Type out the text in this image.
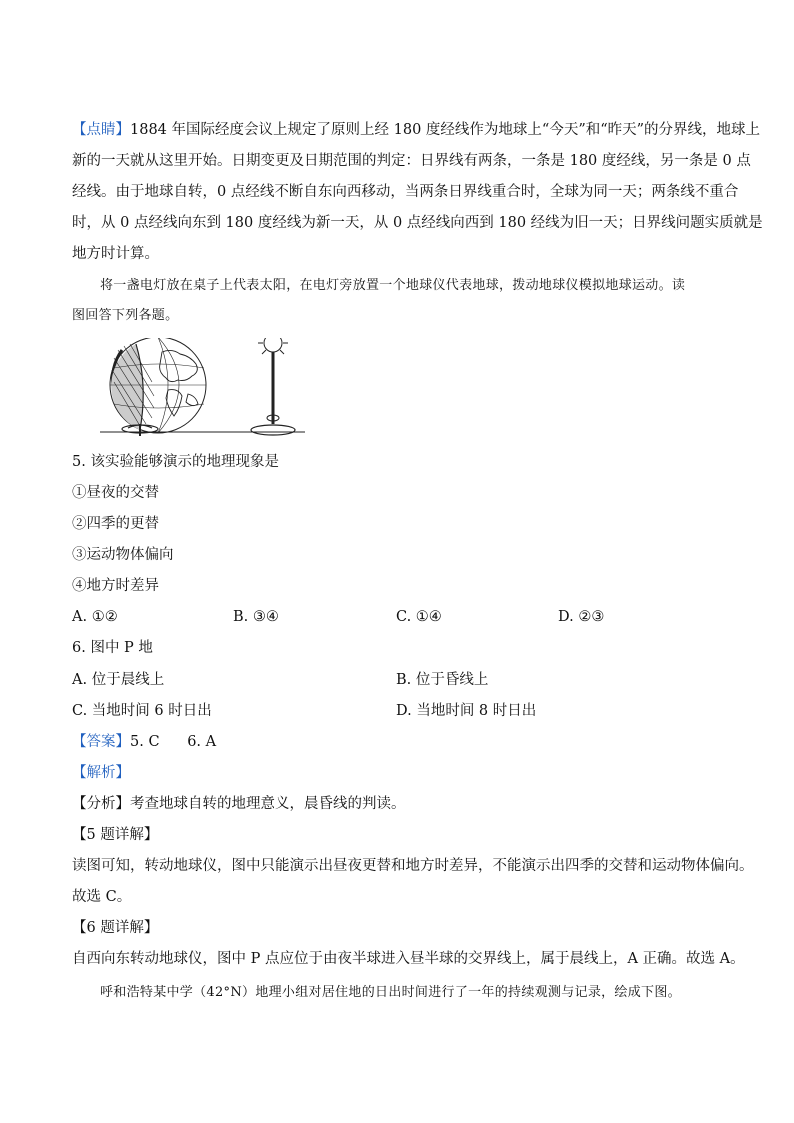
【点睛】1884 年国际经度会议上规定了原则上经 180 度经线作为地球上“今天”和“昨天”的分界线，地球上
新的一天就从这里开始。日期变更及日期范围的判定：日界线有两条，一条是 180 度经线，另一条是 0 点
经线。由于地球自转，0 点经线不断自东向西移动，当两条日界线重合时，全球为同一天；两条线不重合
时，从 0 点经线向东到 180 度经线为新一天，从 0 点经线向西到 180 经线为旧一天；日界线问题实质就是
地方时计算。
将一盏电灯放在桌子上代表太阳，在电灯旁放置一个地球仪代表地球，拨动地球仪模拟地球运动。读
图回答下列各题。
5. 该实验能够演示的地理现象是
①昼夜的交替
②四季的更替
③运动物体偏向
④地方时差异
A. ①②	B. ③④	C. ①④	D. ②③
6. 图中 P 地
A. 位于晨线上	B. 位于昏线上
C. 当地时间 6 时日出	D. 当地时间 8 时日出
【答案】5. C      6. A
【解析】
【分析】考查地球自转的地理意义，晨昏线的判读。
【5 题详解】
读图可知，转动地球仪，图中只能演示出昼夜更替和地方时差异，不能演示出四季的交替和运动物体偏向。
故选 C。
【6 题详解】
自西向东转动地球仪，图中 P 点应位于由夜半球进入昼半球的交界线上，属于晨线上，A 正确。故选 A。
呼和浩特某中学（42°N）地理小组对居住地的日出时间进行了一年的持续观测与记录，绘成下图。
